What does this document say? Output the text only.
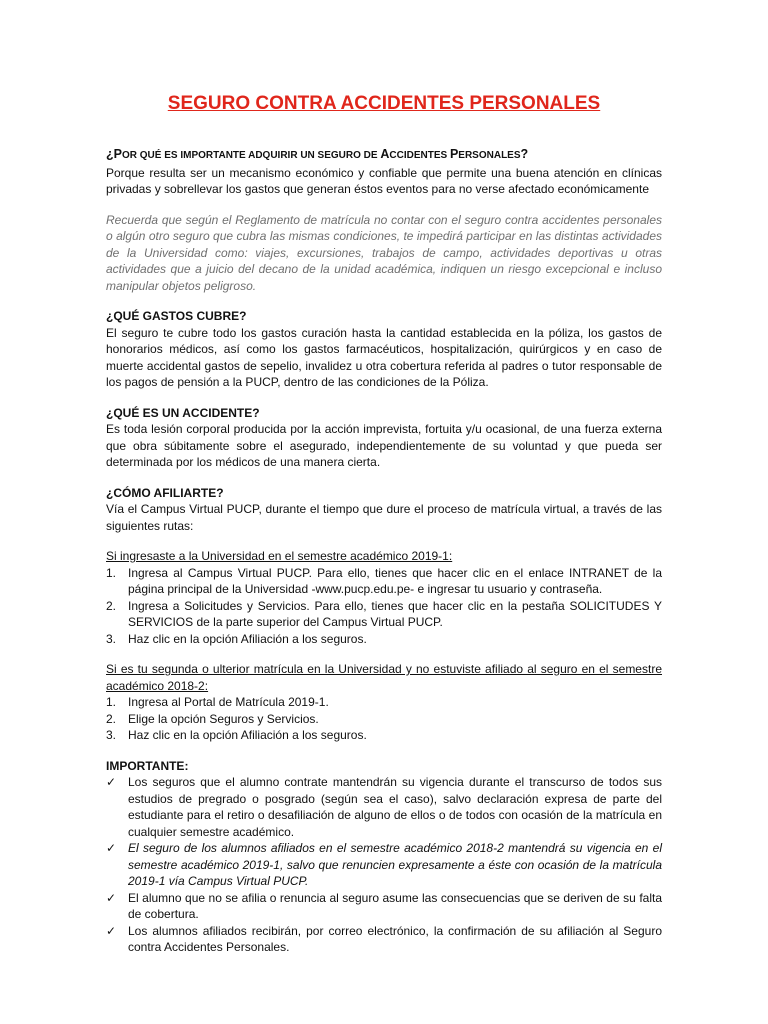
SEGURO CONTRA ACCIDENTES PERSONALES

¿POR QUÉ ES IMPORTANTE ADQUIRIR UN SEGURO DE ACCIDENTES PERSONALES?

Porque resulta ser un mecanismo económico y confiable que permite una buena atención en clínicas privadas y sobrellevar los gastos que generan éstos eventos para no verse afectado económicamente

Recuerda que según el Reglamento de matrícula no contar con el seguro contra accidentes personales o algún otro seguro que cubra las mismas condiciones, te impedirá participar en las distintas actividades de la Universidad como: viajes, excursiones, trabajos de campo, actividades deportivas u otras actividades que a juicio del decano de la unidad académica, indiquen un riesgo excepcional e incluso manipular objetos peligroso.

¿QUÉ GASTOS CUBRE?

El seguro te cubre todo los gastos curación hasta la cantidad establecida en la póliza, los gastos de honorarios médicos, así como los gastos farmacéuticos, hospitalización, quirúrgicos y en caso de muerte accidental gastos de sepelio, invalidez u otra cobertura referida al padres o tutor responsable de los pagos de pensión a la PUCP, dentro de las condiciones de la Póliza.

¿QUÉ ES UN ACCIDENTE?

Es toda lesión corporal producida por la acción imprevista, fortuita y/u ocasional, de una fuerza externa que obra súbitamente sobre el asegurado, independientemente de su voluntad y que pueda ser determinada por los médicos de una manera cierta.

¿CÓMO AFILIARTE?

Vía el Campus Virtual PUCP, durante el tiempo que dure el proceso de matrícula virtual, a través de las siguientes rutas:

Si ingresaste a la Universidad en el semestre académico 2019-1:

1. Ingresa al Campus Virtual PUCP. Para ello, tienes que hacer clic en el enlace INTRANET de la página principal de la Universidad -www.pucp.edu.pe- e ingresar tu usuario y contraseña.
2. Ingresa a Solicitudes y Servicios. Para ello, tienes que hacer clic en la pestaña SOLICITUDES Y SERVICIOS de la parte superior del Campus Virtual PUCP.
3. Haz clic en la opción Afiliación a los seguros.

Si es tu segunda o ulterior matrícula en la Universidad y no estuviste afiliado al seguro en el semestre académico 2018-2:

1. Ingresa al Portal de Matrícula 2019-1.
2. Elige la opción Seguros y Servicios.
3. Haz clic en la opción Afiliación a los seguros.

IMPORTANTE:

✓ Los seguros que el alumno contrate mantendrán su vigencia durante el transcurso de todos sus estudios de pregrado o posgrado (según sea el caso), salvo declaración expresa de parte del estudiante para el retiro o desafiliación de alguno de ellos o de todos con ocasión de la matrícula en cualquier semestre académico.
✓ El seguro de los alumnos afiliados en el semestre académico 2018-2 mantendrá su vigencia en el semestre académico 2019-1, salvo que renuncien expresamente a éste con ocasión de la matrícula 2019-1 vía Campus Virtual PUCP.
✓ El alumno que no se afilia o renuncia al seguro asume las consecuencias que se deriven de su falta de cobertura.
✓ Los alumnos afiliados recibirán, por correo electrónico, la confirmación de su afiliación al Seguro contra Accidentes Personales.
